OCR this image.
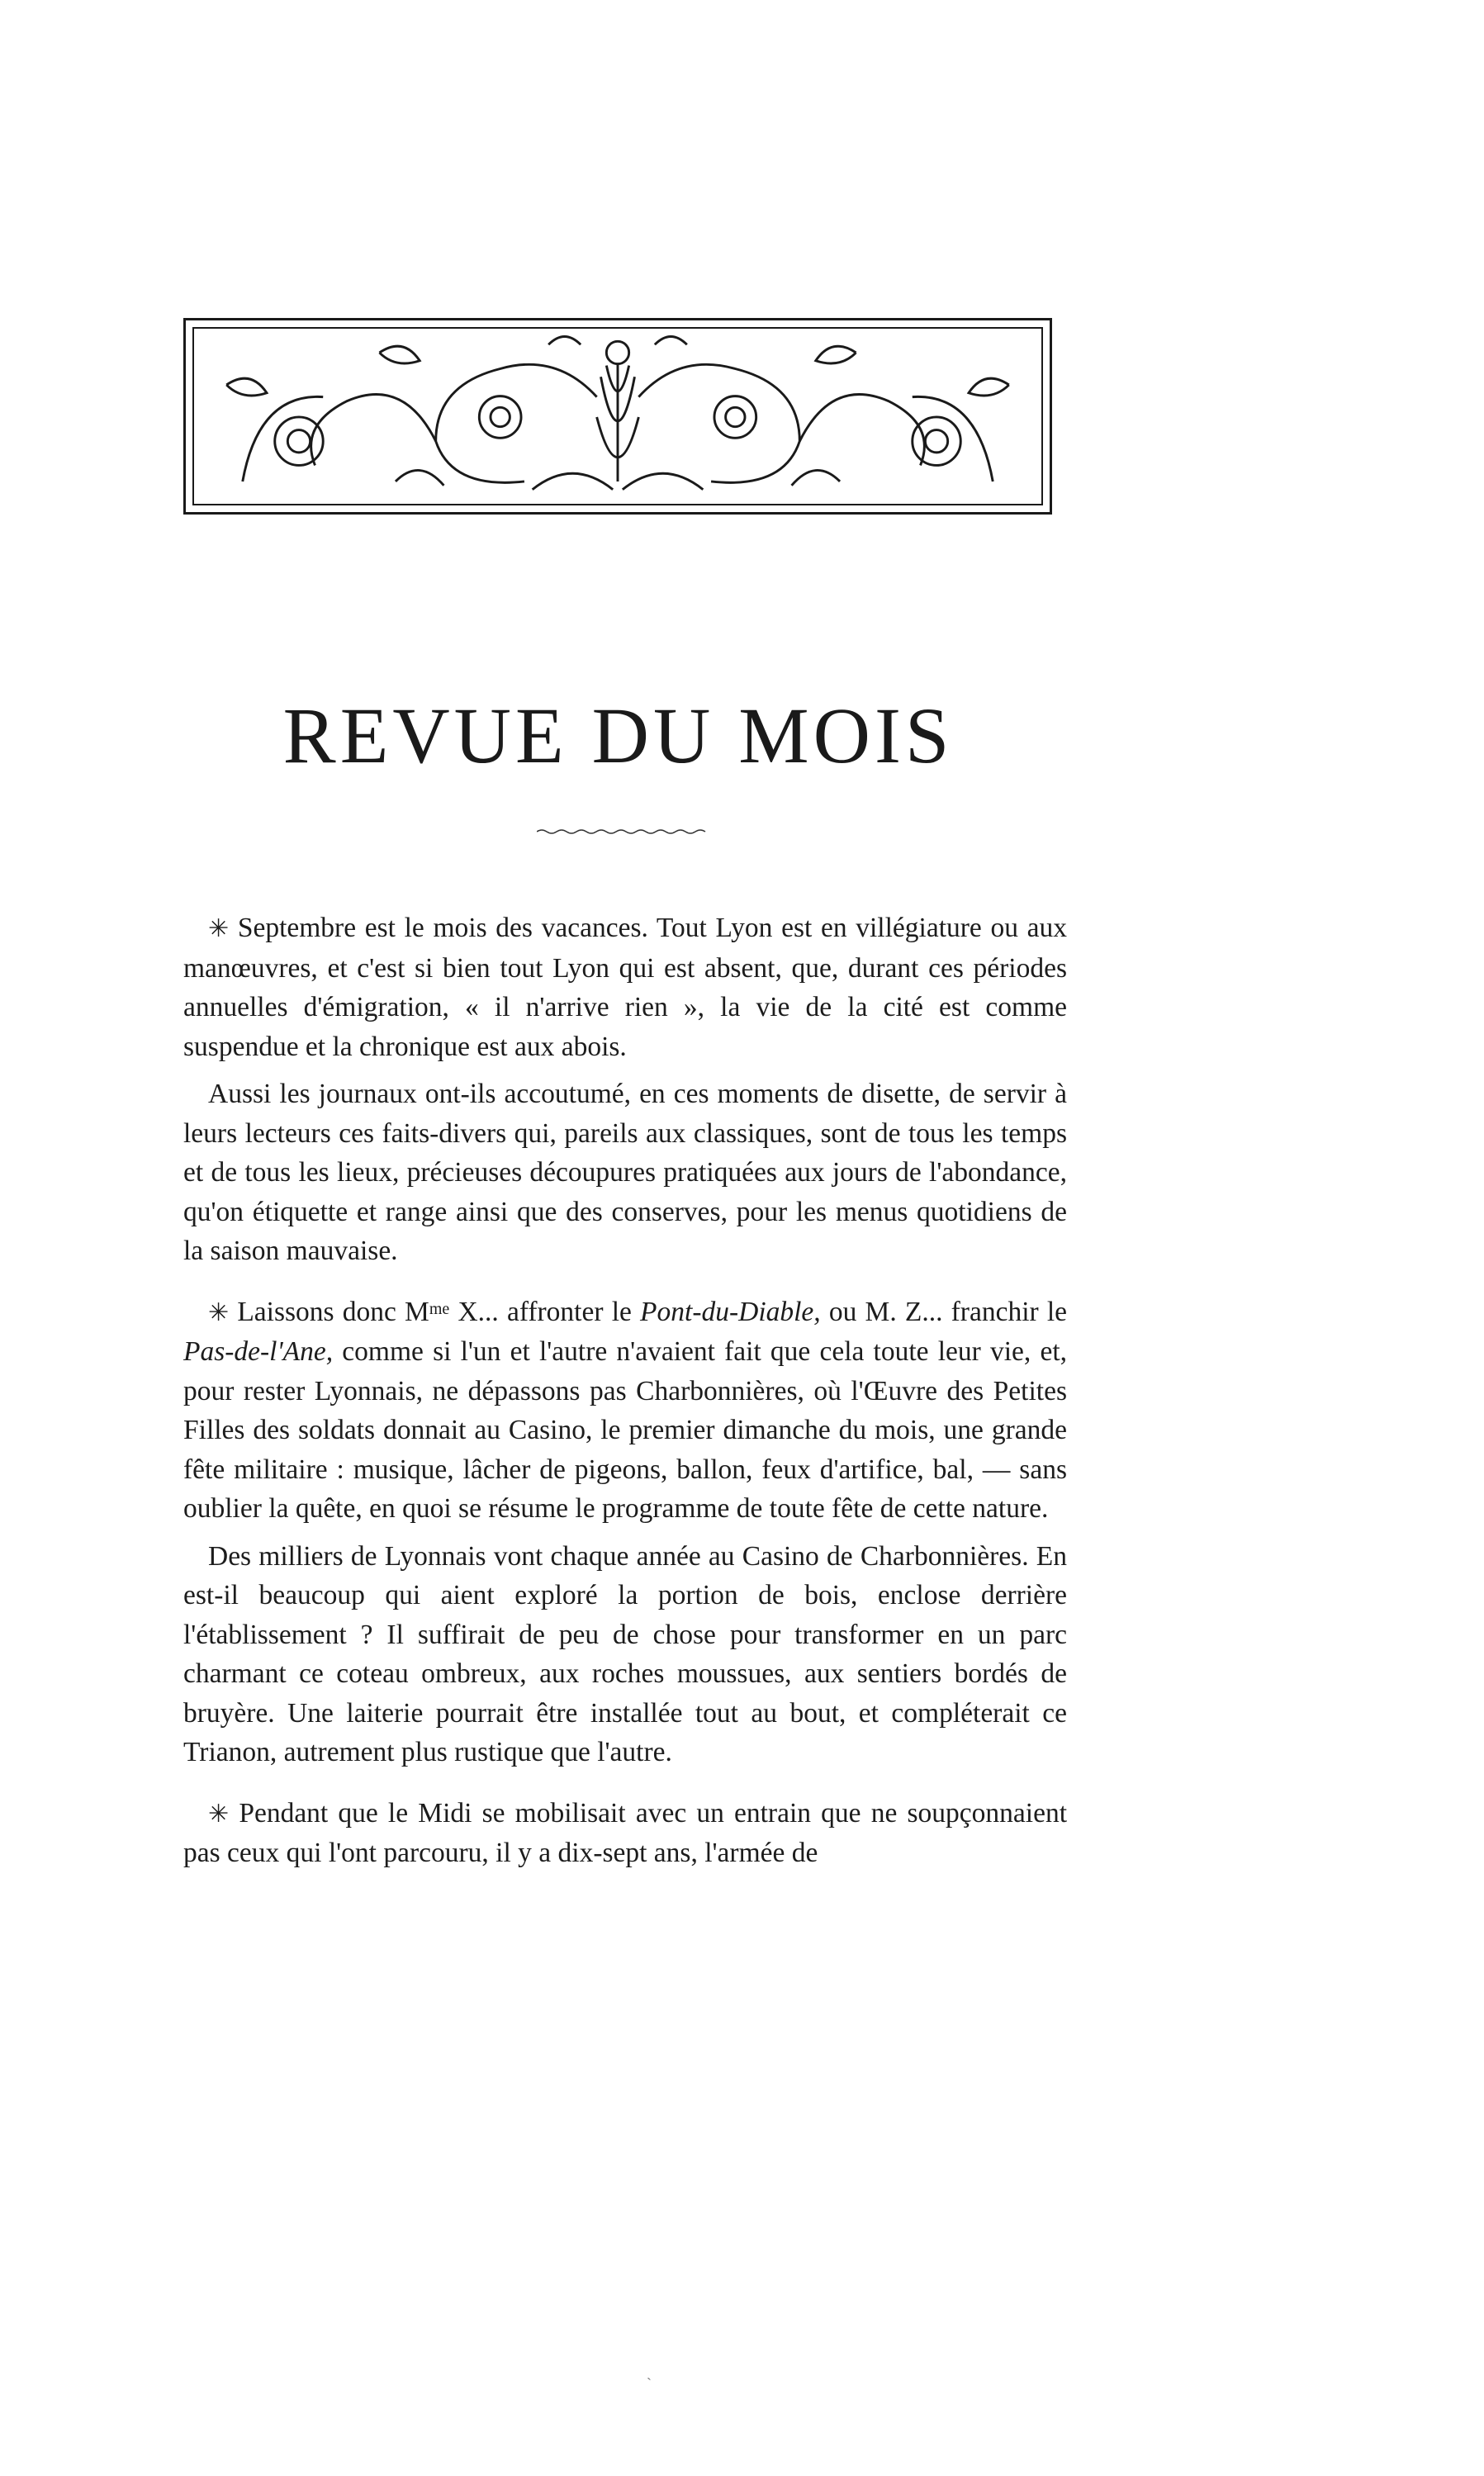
REVUE DU MOIS

✳ Septembre est le mois des vacances. Tout Lyon est en villégiature ou aux manœuvres, et c'est si bien tout Lyon qui est absent, que, durant ces périodes annuelles d'émigration, « il n'arrive rien », la vie de la cité est comme suspendue et la chronique est aux abois.

Aussi les journaux ont-ils accoutumé, en ces moments de disette, de servir à leurs lecteurs ces faits-divers qui, pareils aux classiques, sont de tous les temps et de tous les lieux, précieuses découpures pratiquées aux jours de l'abondance, qu'on étiquette et range ainsi que des conserves, pour les menus quotidiens de la saison mauvaise.

✳ Laissons donc $M^{me}$ X... affronter le Pont-du-Diable, ou M. Z... franchir le Pas-de-l'Ane, comme si l'un et l'autre n'avaient fait que cela toute leur vie, et, pour rester Lyonnais, ne dépassons pas Charbonnières, où l'Œuvre des Petites Filles des soldats donnait au Casino, le premier dimanche du mois, une grande fête militaire : musique, lâcher de pigeons, ballon, feux d'artifice, bal, — sans oublier la quête, en quoi se résume le programme de toute fête de cette nature.

Des milliers de Lyonnais vont chaque année au Casino de Charbonnières. En est-il beaucoup qui aient exploré la portion de bois, enclose derrière l'établissement ? Il suffirait de peu de chose pour transformer en un parc charmant ce coteau ombreux, aux roches moussues, aux sentiers bordés de bruyère. Une laiterie pourrait être installée tout au bout, et compléterait ce Trianon, autrement plus rustique que l'autre.

✳ Pendant que le Midi se mobilisait avec un entrain que ne soupçonnaient pas ceux qui l'ont parcouru, il y a dix-sept ans, l'armée de

ˏ
